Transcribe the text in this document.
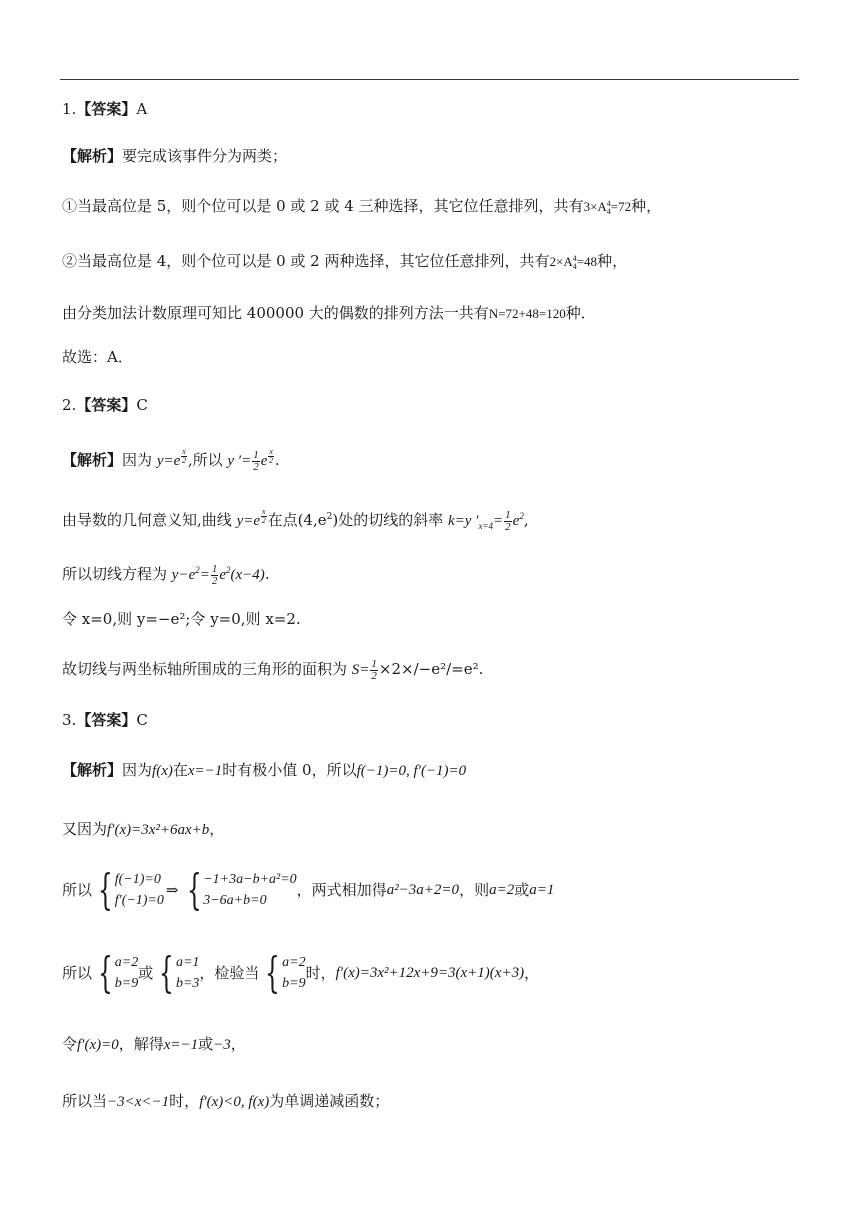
1.【答案】A
【解析】要完成该事件分为两类；
①当最高位是 5，则个位可以是 0 或 2 或 4 三种选择，其它位任意排列，共有3×A 4
4 =72种，
②当最高位是 4，则个位可以是 0 或 2 两种选择，其它位任意排列，共有2×A 4
4 =48种，
由分类加法计数原理可知比 400000 大的偶数的排列方法一共有N=72+48=120种．
故选：A．
2.【答案】C
【解析】因为 y=e $^{\frac{x}{2}}$ ,所以 y ′= $\frac{1}{2}$ e $^{\frac{x}{2}}$ .
由导数的几何意义知,曲线 y=e $^{\frac{x}{2}}$ 在点$(4,e^2)$处的切线的斜率 k=y $'_{x=4}= \frac{1}{2} e^2$,
所以切线方程为 $y-e^2= \frac{1}{2} e^2(x-4)$.
令 x=0,则 y=−e²;令 y=0,则 x=2.
故切线与两坐标轴所围成的三角形的面积为 $S= \frac{1}{2} \times 2\times/-e^2/=e^2$.
3.【答案】C
【解析】因为f(x)在x=−1时有极小值 0，所以f(−1)=0, f′(−1)=0
又因为f′(x)=3x²+6ax+b，
所以 { f(−1)=0
f′(−1)=0
⇒ { −1+3a−b+a²=0
3−6a+b=0
，两式相加得 a²−3a+2=0 ，则 a=2 或 a=1
所以 { a=2
b=9
或 { a=1
b=3
，检验当 { a=2
b=9
时， f′(x)=3x²+12x+9=3(x+1)(x+3) ，
令f′(x)=0，解得x=−1或−3，
所以当−3<x<−1时，f′(x)<0, f(x)为单调递减函数；
